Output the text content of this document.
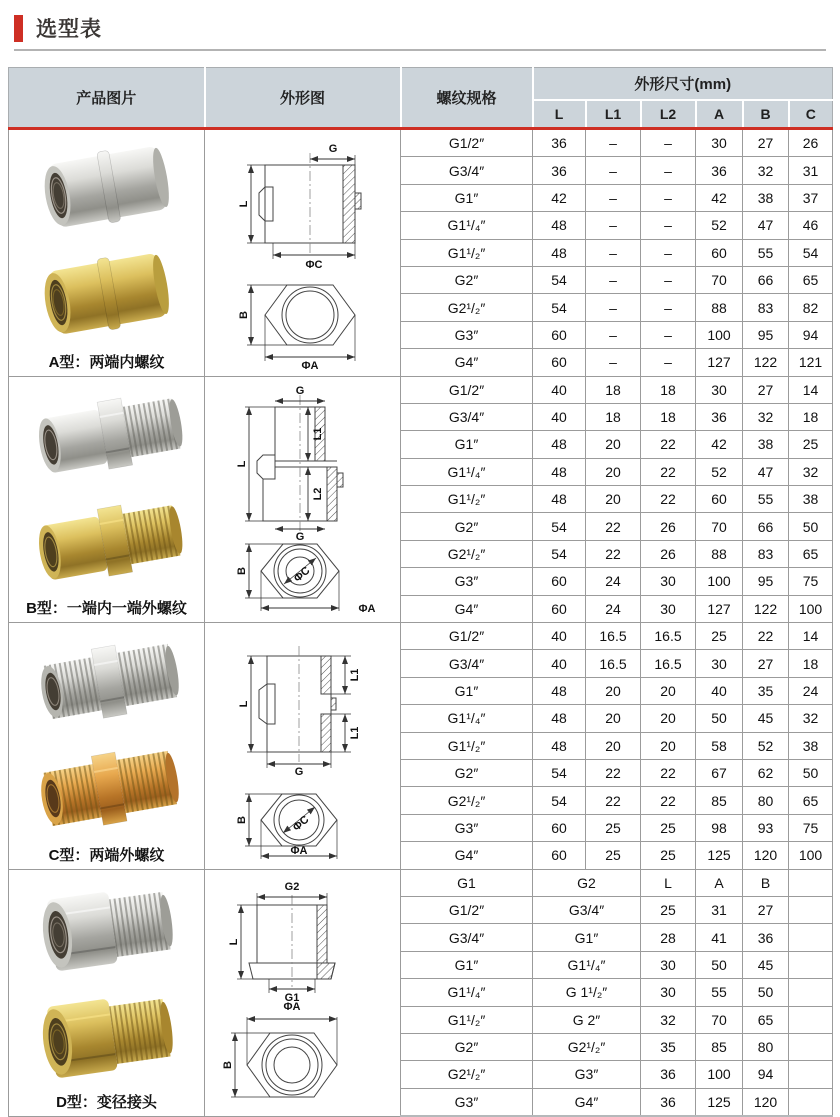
选型表
产品图片	外形图	螺纹规格	外形尺寸(mm)					
			L	L1	L2	A	B	C

A型：两端内螺纹	G
L
ΦC
B
ΦA	G1/2″	36	–	–	30	27	26
		G3/4″	36	–	–	36	32	31
		G1″	42	–	–	42	38	37
		G1¹/₄″	48	–	–	52	47	46
		G1¹/₂″	48	–	–	60	55	54
		G2″	54	–	–	70	66	65
		G2¹/₂″	54	–	–	88	83	82
		G3″	60	–	–	100	95	94
		G4″	60	–	–	127	122	121

B型：一端内一端外螺纹

G
L1
L
L2
G
ΦC
B
ΦA
	G1/2″	40	18	18	30	27	14
		G3/4″	40	18	18	36	32	18
		G1″	48	20	22	42	38	25
		G1¹/₄″	48	20	22	52	47	32
		G1¹/₂″	48	20	22	60	55	38
		G2″	54	22	26	70	66	50
		G2¹/₂″	54	22	26	88	83	65
		G3″	60	24	30	100	95	75
		G4″	60	24	30	127	122	100

C型：两端外螺纹

L
L1
L1
G
ΦC
B
ΦA
	G1/2″	40	16.5	16.5	25	22	14
		G3/4″	40	16.5	16.5	30	27	18
		G1″	48	20	20	40	35	24
		G1¹/₄″	48	20	20	50	45	32
		G1¹/₂″	48	20	20	58	52	38
		G2″	54	22	22	67	62	50
		G2¹/₂″	54	22	22	85	80	65
		G3″	60	25	25	98	93	75
		G4″	60	25	25	125	120	100

D型：变径接头	G2
L
G1
ΦA
B	G1	G2		L	A	B	
		G1/2″	G3/4″		25	31	27	
		G3/4″	G1″		28	41	36	
		G1″	G1¹/₄″		30	50	45	
		G1¹/₄″	G 1¹/₂″		30	55	50	
		G1¹/₂″	G 2″		32	70	65	
		G2″	G2¹/₂″		35	85	80	
		G2¹/₂″	G3″		36	100	94	
		G3″	G4″		36	125	120	
